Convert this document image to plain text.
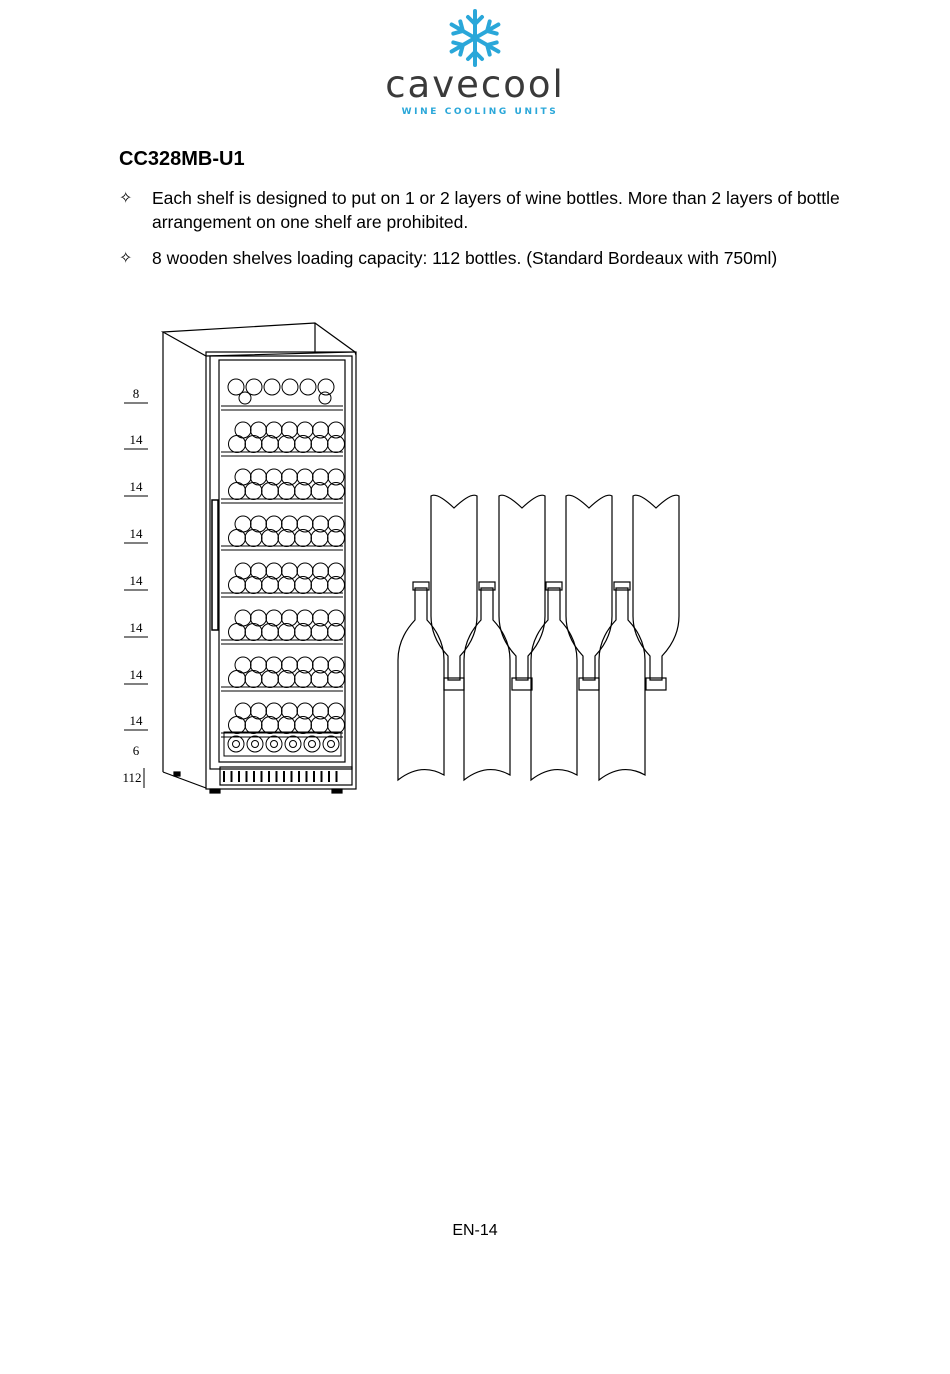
cavecool
WINE COOLING UNITS
CC328MB-U1
✧	Each shelf is designed to put on 1 or 2 layers of wine bottles. More than 2 layers of bottle arrangement on one shelf are prohibited.
✧	8 wooden shelves loading capacity: 112 bottles. (Standard Bordeaux with 750ml)
8
14
14
14
14
14
14
14
6
112
EN-14
